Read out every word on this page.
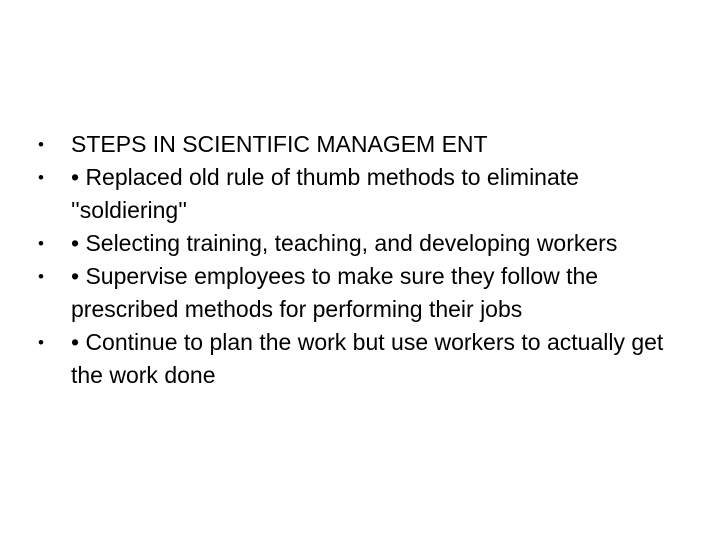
•	STEPS IN SCIENTIFIC MANAGEM ENT
•	• Replaced old rule of thumb methods to eliminate ''soldiering''
•	• Selecting training, teaching, and developing workers
•	• Supervise employees to make sure they follow the prescribed methods for performing their jobs
•	• Continue to plan the work but use workers to actually get the work done
